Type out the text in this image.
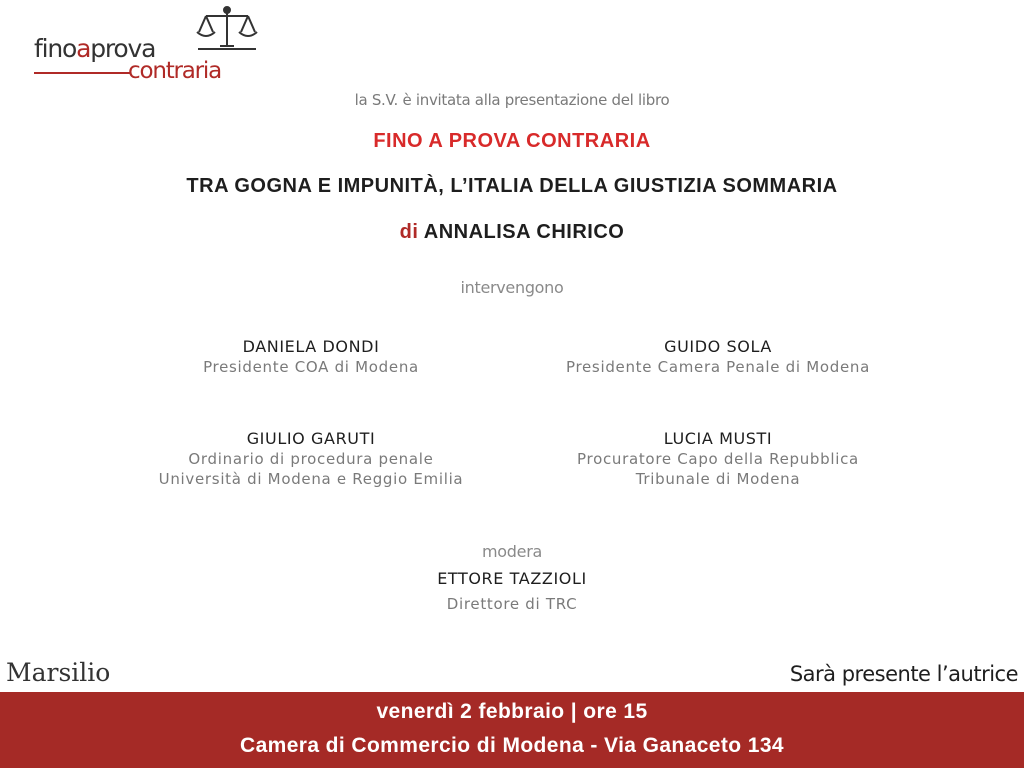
finoaprova
contraria
la S.V. è invitata alla presentazione del libro
FINO A PROVA CONTRARIA
TRA GOGNA E IMPUNITÀ, L’ITALIA DELLA GIUSTIZIA SOMMARIA
di ANNALISA CHIRICO
intervengono
DANIELA DONDI
Presidente COA di Modena
GUIDO SOLA
Presidente Camera Penale di Modena
GIULIO GARUTI
Ordinario di procedura penale
Università di Modena e Reggio Emilia
LUCIA MUSTI
Procuratore Capo della Repubblica
Tribunale di Modena
modera
ETTORE TAZZIOLI
Direttore di TRC
Marsilio	Sarà presente l’autrice
venerdì 2 febbraio | ore 15
Camera di Commercio di Modena - Via Ganaceto 134
